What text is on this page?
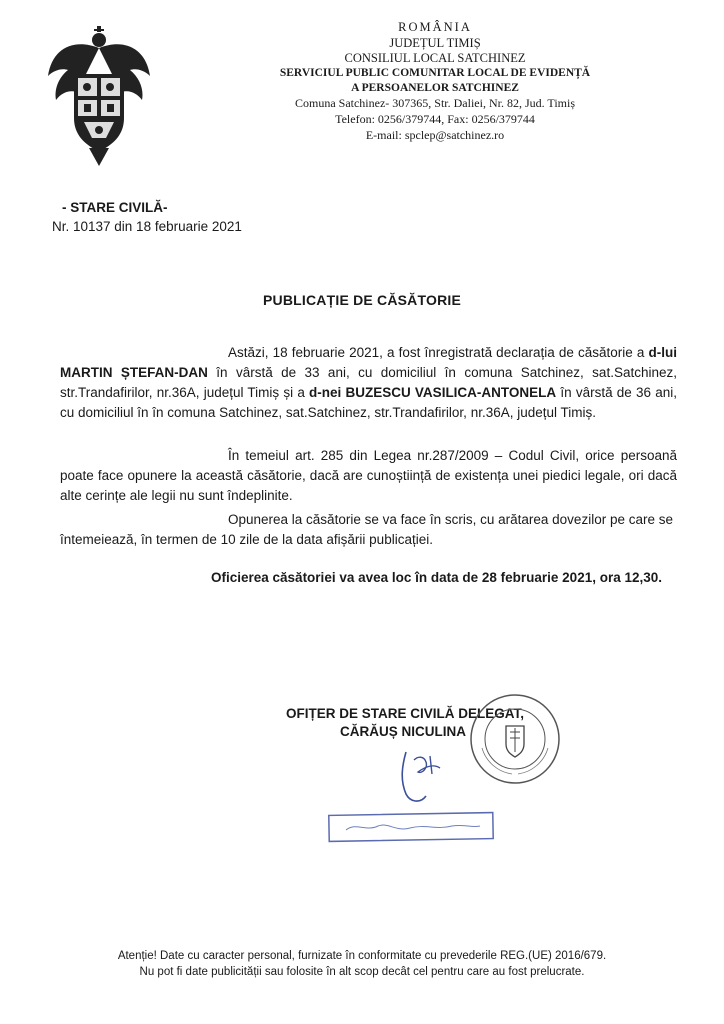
ROMÂNIA
JUDEȚUL TIMIȘ
CONSILIUL LOCAL SATCHINEZ
SERVICIUL PUBLIC COMUNITAR LOCAL DE EVIDENȚĂ
A PERSOANELOR SATCHINEZ
Comuna Satchinez- 307365, Str. Daliei, Nr. 82, Jud. Timiș
Telefon: 0256/379744, Fax: 0256/379744
E-mail: spclep@satchinez.ro
- STARE CIVILĂ-
Nr. 10137 din 18 februarie 2021
PUBLICAȚIE DE CĂSĂTORIE
Astăzi, 18 februarie 2021, a fost înregistrată declarația de căsătorie a d-lui MARTIN ȘTEFAN-DAN în vârstă de 33 ani, cu domiciliul în comuna Satchinez, sat.Satchinez, str.Trandafirilor, nr.36A, județul Timiș și a d-nei BUZESCU VASILICA-ANTONELA în vârstă de 36 ani, cu domiciliul în în comuna Satchinez, sat.Satchinez, str.Trandafirilor, nr.36A, județul Timiș.
În temeiul art. 285 din Legea nr.287/2009 – Codul Civil, orice persoană poate face opunere la această căsătorie, dacă are cunoștiință de existența unei piedici legale, ori dacă alte cerințe ale legii nu sunt îndeplinite.
Opunerea la căsătorie se va face în scris, cu arătarea dovezilor pe care se întemeiează, în termen de 10 zile de la data afișării publicației.
Oficierea căsătoriei va avea loc în data de 28 februarie 2021, ora 12,30.
OFIȚER DE STARE CIVILĂ DELEGAT,
CĂRĂUȘ NICULINA
Atenție! Date cu caracter personal, furnizate în conformitate cu prevederile REG.(UE) 2016/679.
Nu pot fi date publicității sau folosite în alt scop decât cel pentru care au fost prelucrate.
